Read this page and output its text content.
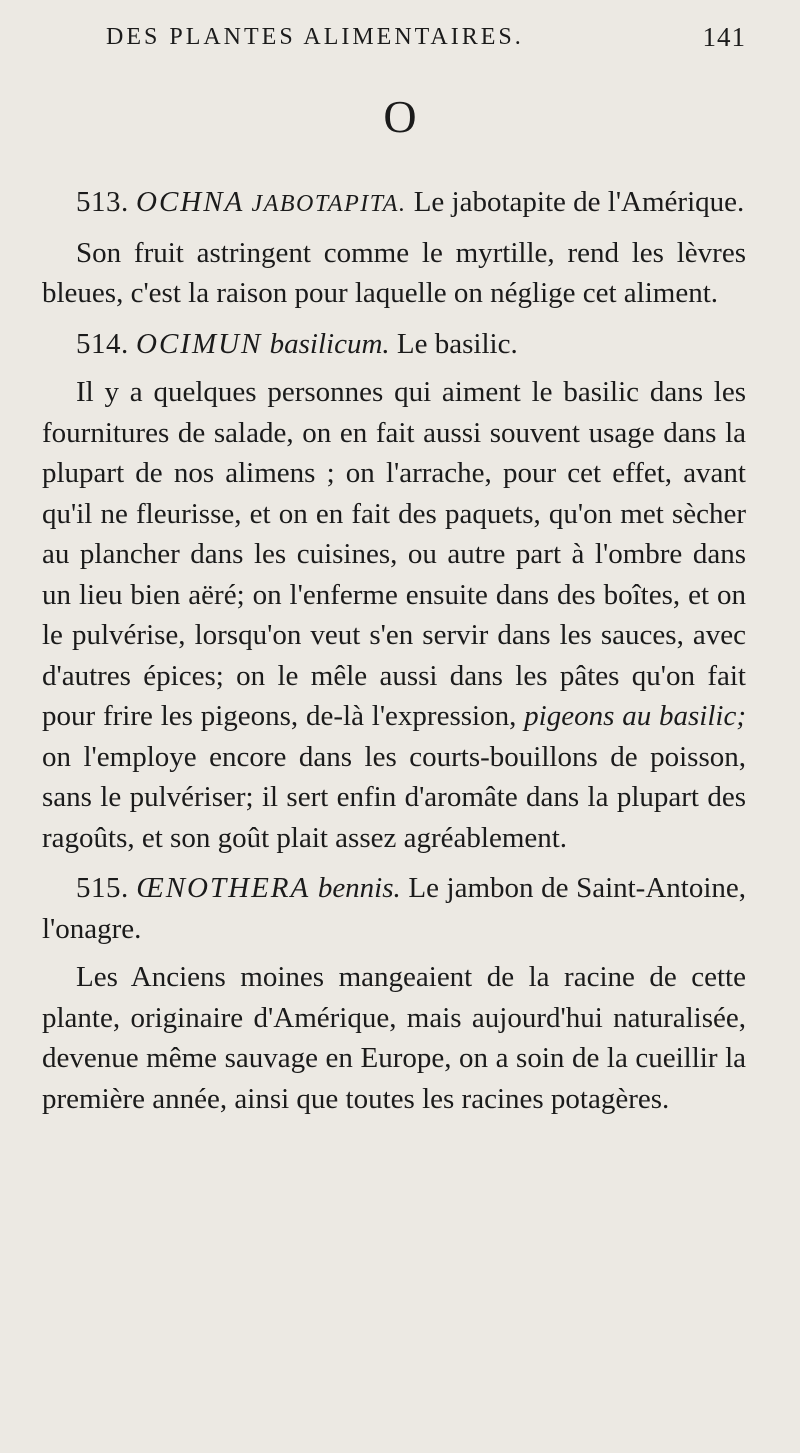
DES PLANTES ALIMENTAIRES.	141
O

513. OCHNA JABOTAPITA. Le jabotapite de l'Amérique.

Son fruit astringent comme le myrtille, rend les lèvres bleues, c'est la raison pour laquelle on néglige cet aliment.

514. OCIMUN basilicum. Le basilic.

Il y a quelques personnes qui aiment le basilic dans les fournitures de salade, on en fait aussi souvent usage dans la plupart de nos alimens ; on l'arrache, pour cet effet, avant qu'il ne fleurisse, et on en fait des paquets, qu'on met sècher au plancher dans les cuisines, ou autre part à l'ombre dans un lieu bien aëré; on l'enferme ensuite dans des boîtes, et on le pulvérise, lorsqu'on veut s'en servir dans les sauces, avec d'autres épices; on le mêle aussi dans les pâtes qu'on fait pour frire les pigeons, de-là l'expression, pigeons au basilic; on l'employe encore dans les courts-bouillons de poisson, sans le pulvériser; il sert enfin d'aromâte dans la plupart des ragoûts, et son goût plait assez agréablement.

515. ŒNOTHERA bennis. Le jambon de Saint-Antoine, l'onagre.

Les Anciens moines mangeaient de la racine de cette plante, originaire d'Amérique, mais aujourd'hui naturalisée, devenue même sauvage en Europe, on a soin de la cueillir la première année, ainsi que toutes les racines potagères.
